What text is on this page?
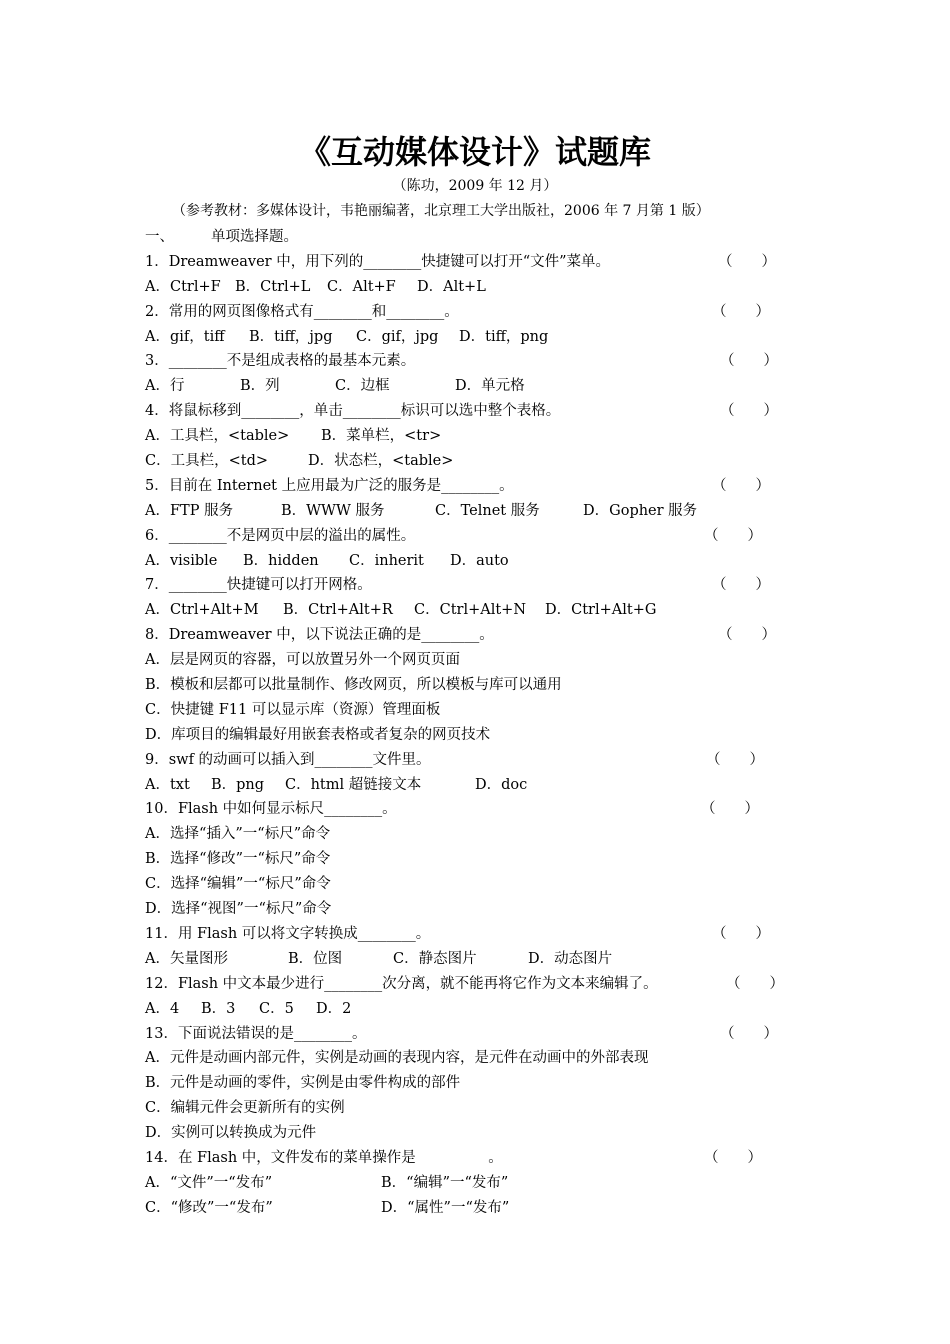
《互动媒体设计》试题库
（陈功，2009 年 12 月）
（参考教材：多媒体设计，韦艳丽编著，北京理工大学出版社，2006 年 7 月第 1 版）
一、	单项选择题。
1．Dreamweaver 中，用下列的________快捷键可以打开“文件”菜单。	（　　）
A．Ctrl+F B．Ctrl+L C．Alt+F D．Alt+L
2．常用的网页图像格式有________和________。	（　　）
A．gif，tiff B．tiff，jpg C．gif，jpg D．tiff，png
3．________不是组成表格的最基本元素。	（　　）
A．行	B．列	C．边框	D．单元格
4．将鼠标移到________，单击________标识可以选中整个表格。	（　　）
A．工具栏，<table> B．菜单栏，<tr>
C．工具栏，<td>	D．状态栏，<table>
5．目前在 Internet 上应用最为广泛的服务是________。	（　　）
A．FTP 服务	B．WWW 服务	C．Telnet 服务	D．Gopher 服务
6．________不是网页中层的溢出的属性。	（　　）
A．visible B．hidden C．inherit D．auto
7．________快捷键可以打开网格。	（　　）
A．Ctrl+Alt+M B．Ctrl+Alt+R C．Ctrl+Alt+N D．Ctrl+Alt+G
8．Dreamweaver 中，以下说法正确的是________。	（　　）
A．层是网页的容器，可以放置另外一个网页页面
B．模板和层都可以批量制作、修改网页，所以模板与库可以通用
C．快捷键 F11 可以显示库（资源）管理面板
D．库项目的编辑最好用嵌套表格或者复杂的网页技术
9．swf 的动画可以插入到________文件里。	（　　）
A．txt B．png C．html 超链接文本	D．doc
10．Flash 中如何显示标尺________。	（　　）
A．选择“插入”一“标尺”命令
B．选择“修改”一“标尺”命令
C．选择“编辑”一“标尺”命令
D．选择“视图”一“标尺”命令
11．用 Flash 可以将文字转换成________。	（　　）
A．矢量图形	B．位图	C．静态图片	D．动态图片
12．Flash 中文本最少进行________次分离，就不能再将它作为文本来编辑了。	（　　）
A．4 B．3 C．5 D．2
13．下面说法错误的是________。	（　　）
A．元件是动画内部元件，实例是动画的表现内容，是元件在动画中的外部表现
B．元件是动画的零件，实例是由零件构成的部件
C．编辑元件会更新所有的实例
D．实例可以转换成为元件
14．在 Flash 中，文件发布的菜单操作是　　　　　。	（　　）
A．“文件”一“发布”	B．“编辑”一“发布”
C．“修改”一“发布”	D．“属性”一“发布”
